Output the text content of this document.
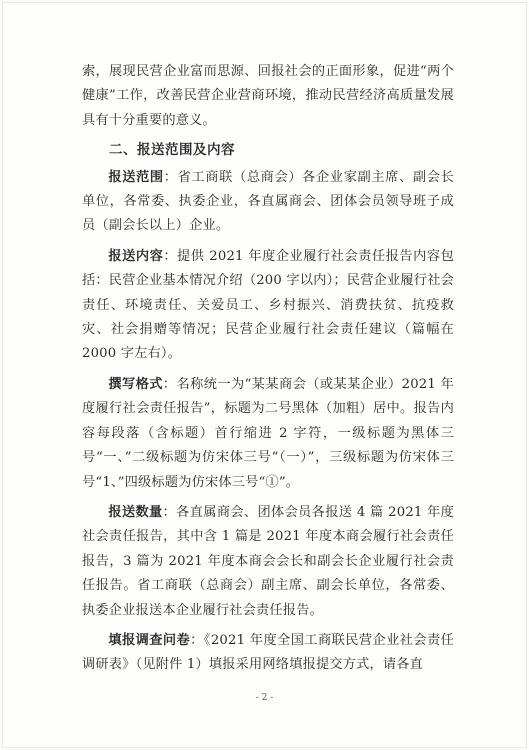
索，展现民营企业富而思源、回报社会的正面形象，促进“两个健康”工作，改善民营企业营商环境，推动民营经济高质量发展具有十分重要的意义。

二、报送范围及内容

报送范围：省工商联（总商会）各企业家副主席、副会长单位，各常委、执委企业，各直属商会、团体会员领导班子成员（副会长以上）企业。

报送内容：提供 2021 年度企业履行社会责任报告内容包括：民营企业基本情况介绍（200 字以内）；民营企业履行社会责任、环境责任、关爱员工、乡村振兴、消费扶贫、抗疫救灾、社会捐赠等情况；民营企业履行社会责任建议（篇幅在 2000 字左右）。

撰写格式：名称统一为“某某商会（或某某企业）2021 年度履行社会责任报告”，标题为二号黑体（加粗）居中。报告内容每段落（含标题）首行缩进 2 字符，一级标题为黑体三号“一、”二级标题为仿宋体三号“（一）”，三级标题为仿宋体三号“1、”四级标题为仿宋体三号“①”。

报送数量：各直属商会、团体会员各报送 4 篇 2021 年度社会责任报告，其中含 1 篇是 2021 年度本商会履行社会责任报告，3 篇为 2021 年度本商会会长和副会长企业履行社会责任报告。省工商联（总商会）副主席、副会长单位，各常委、执委企业报送本企业履行社会责任报告。

填报调查问卷：《2021 年度全国工商联民营企业社会责任调研表》（见附件 1）填报采用网络填报提交方式，请各直

- 2 -
